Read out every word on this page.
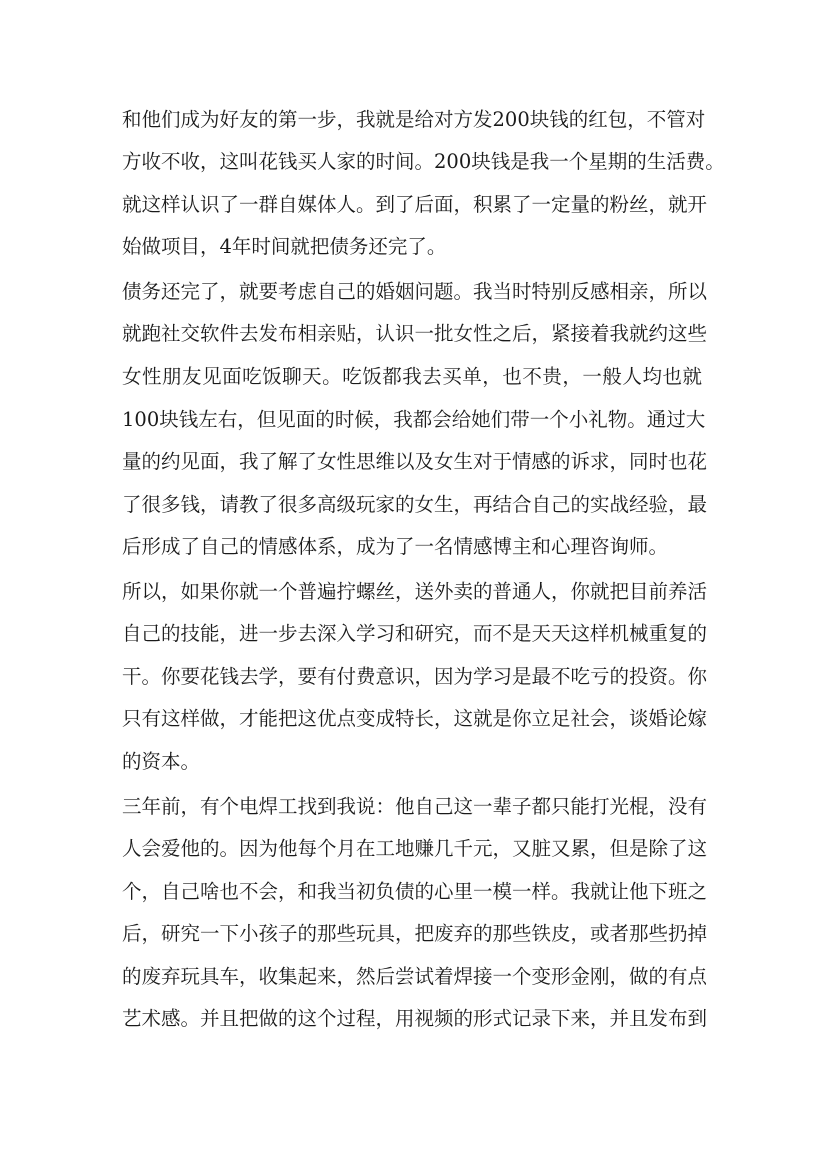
和他们成为好友的第一步，我就是给对方发200块钱的红包，不管对
方收不收，这叫花钱买人家的时间。200块钱是我一个星期的生活费。
就这样认识了一群自媒体人。到了后面，积累了一定量的粉丝，就开
始做项目，4年时间就把债务还完了。
债务还完了，就要考虑自己的婚姻问题。我当时特别反感相亲，所以
就跑社交软件去发布相亲贴，认识一批女性之后，紧接着我就约这些
女性朋友见面吃饭聊天。吃饭都我去买单，也不贵，一般人均也就
100块钱左右，但见面的时候，我都会给她们带一个小礼物。通过大
量的约见面，我了解了女性思维以及女生对于情感的诉求，同时也花
了很多钱，请教了很多高级玩家的女生，再结合自己的实战经验，最
后形成了自己的情感体系，成为了一名情感博主和心理咨询师。
所以，如果你就一个普遍拧螺丝，送外卖的普通人，你就把目前养活
自己的技能，进一步去深入学习和研究，而不是天天这样机械重复的
干。你要花钱去学，要有付费意识，因为学习是最不吃亏的投资。你
只有这样做，才能把这优点变成特长，这就是你立足社会，谈婚论嫁
的资本。
三年前，有个电焊工找到我说：他自己这一辈子都只能打光棍，没有
人会爱他的。因为他每个月在工地赚几千元，又脏又累，但是除了这
个，自己啥也不会，和我当初负债的心里一模一样。我就让他下班之
后，研究一下小孩子的那些玩具，把废弃的那些铁皮，或者那些扔掉
的废弃玩具车，收集起来，然后尝试着焊接一个变形金刚，做的有点
艺术感。并且把做的这个过程，用视频的形式记录下来，并且发布到
